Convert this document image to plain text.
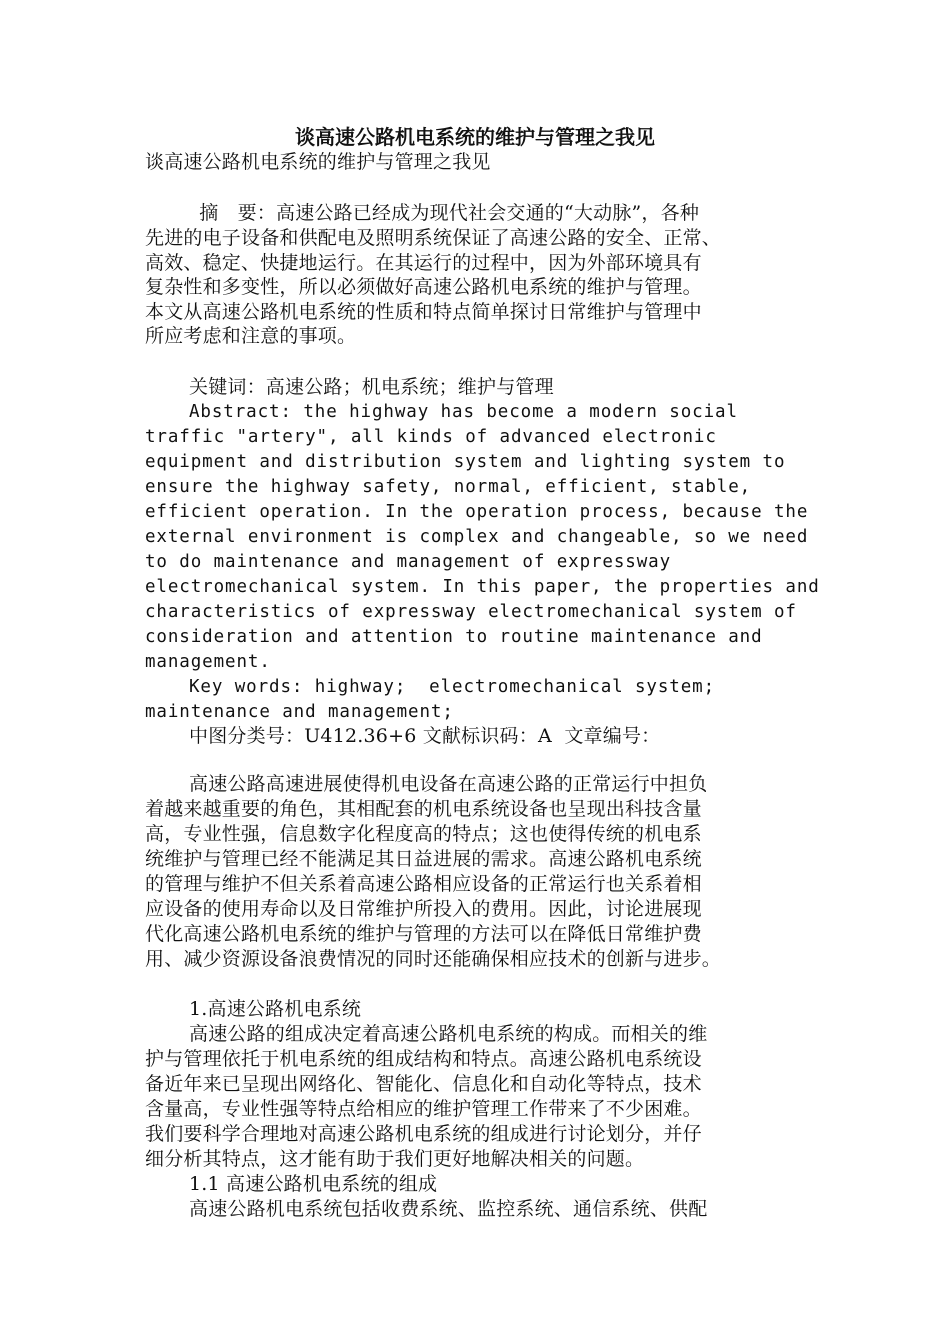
谈高速公路机电系统的维护与管理之我见
谈高速公路机电系统的维护与管理之我见
　摘　要：高速公路已经成为现代社会交通的“大动脉”，各种
先进的电子设备和供配电及照明系统保证了高速公路的安全、正常、
高效、稳定、快捷地运行。在其运行的过程中，因为外部环境具有
复杂性和多变性，所以必须做好高速公路机电系统的维护与管理。
本文从高速公路机电系统的性质和特点简单探讨日常维护与管理中
所应考虑和注意的事项。
关键词：高速公路；机电系统；维护与管理
Abstract: the highway has become a modern social
traffic "artery", all kinds of advanced electronic
equipment and distribution system and lighting system to
ensure the highway safety, normal, efficient, stable,
efficient operation. In the operation process, because the
external environment is complex and changeable, so we need
to do maintenance and management of expressway
electromechanical system. In this paper, the properties and
characteristics of expressway electromechanical system of
consideration and attention to routine maintenance and
management.
Key words: highway;  electromechanical system;
maintenance and management;
中图分类号：U412.36+6 文献标识码：A  文章编号：
高速公路高速进展使得机电设备在高速公路的正常运行中担负
着越来越重要的角色，其相配套的机电系统设备也呈现出科技含量
高，专业性强，信息数字化程度高的特点；这也使得传统的机电系
统维护与管理已经不能满足其日益进展的需求。高速公路机电系统
的管理与维护不但关系着高速公路相应设备的正常运行也关系着相
应设备的使用寿命以及日常维护所投入的费用。因此，讨论进展现
代化高速公路机电系统的维护与管理的方法可以在降低日常维护费
用、减少资源设备浪费情况的同时还能确保相应技术的创新与进步。
1.高速公路机电系统
高速公路的组成决定着高速公路机电系统的构成。而相关的维
护与管理依托于机电系统的组成结构和特点。高速公路机电系统设
备近年来已呈现出网络化、智能化、信息化和自动化等特点，技术
含量高，专业性强等特点给相应的维护管理工作带来了不少困难。
我们要科学合理地对高速公路机电系统的组成进行讨论划分，并仔
细分析其特点，这才能有助于我们更好地解决相关的问题。
1.1 高速公路机电系统的组成
高速公路机电系统包括收费系统、监控系统、通信系统、供配
